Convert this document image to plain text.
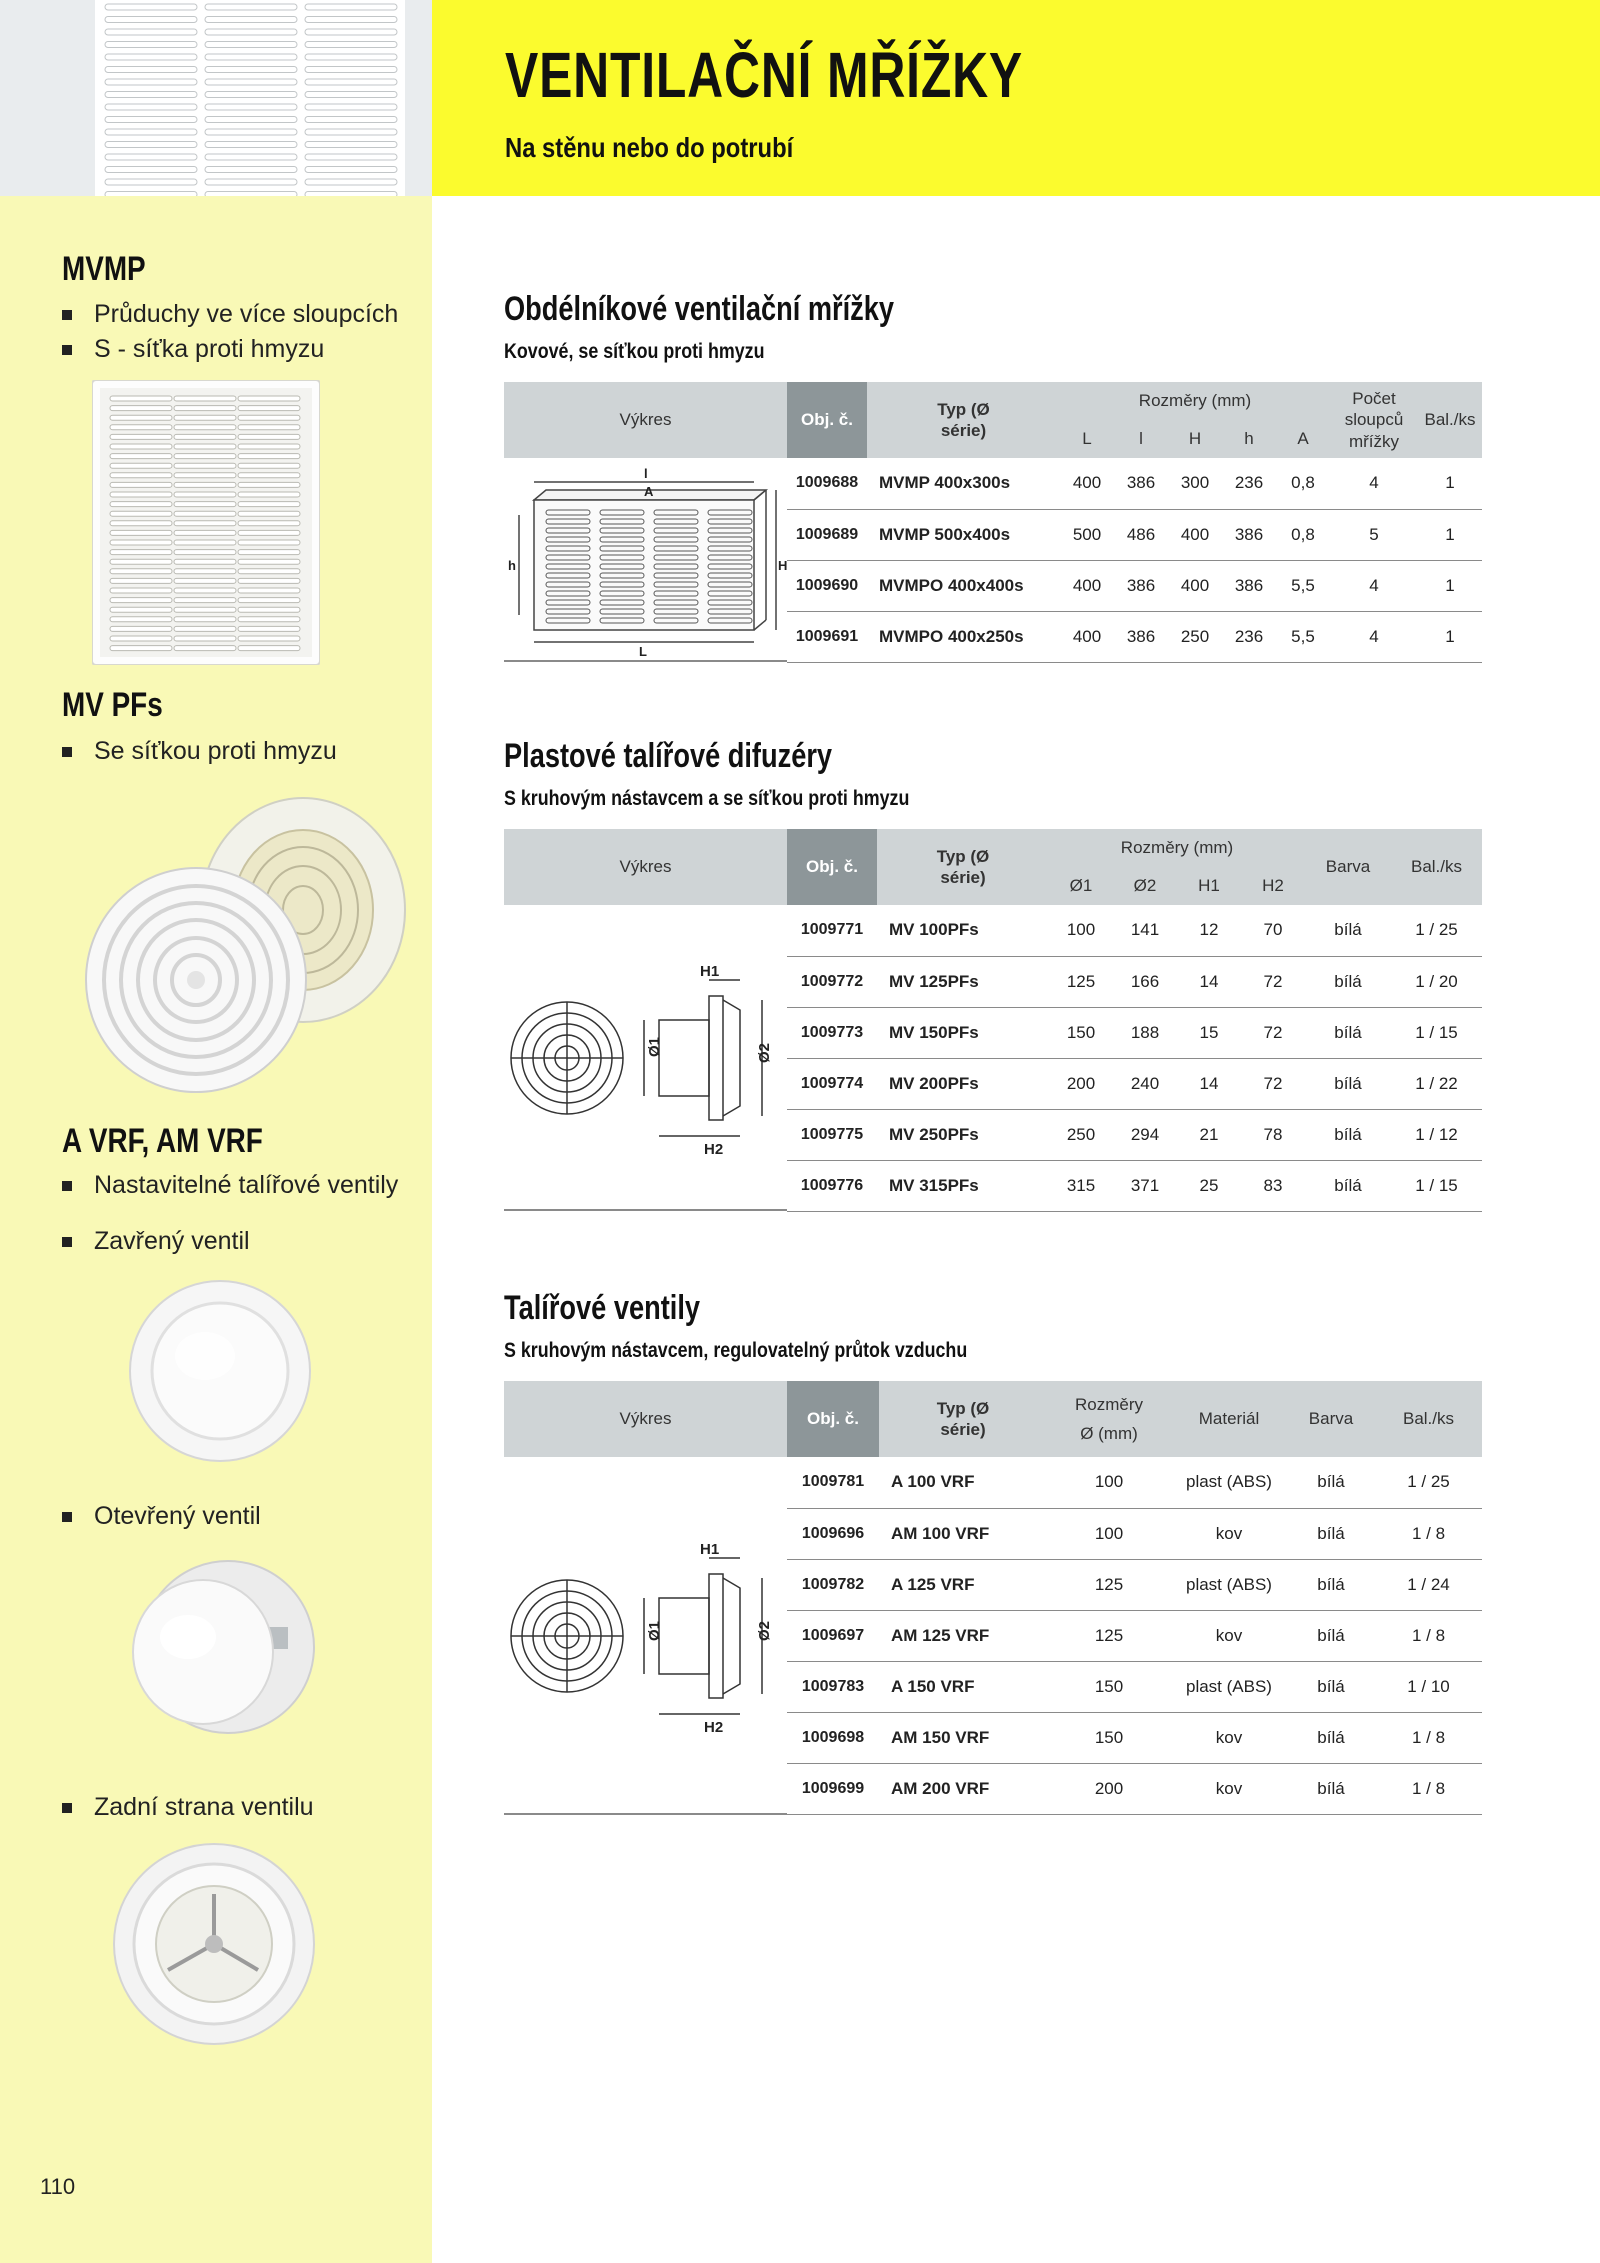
VENTILAČNÍ MŘÍŽKY
Na stěnu nebo do potrubí
MVMP
Průduchy ve více sloupcích
S - síťka proti hmyzu
MV PFs
Se síťkou proti hmyzu
A VRF, AM VRF
Nastavitelné talířové ventily
Zavřený ventil
Otevřený ventil
Zadní strana ventilu
110
Obdélníkové ventilační mřížky
Kovové, se síťkou proti hmyzu
Výkres	Obj. č.	Typ (Ø série)	Rozměry (mm)					Počet sloupců mřížky	Bal./ks
			L	l	H	h	A		

l
A
h H
L	1009688	MVMP 400x300s	400	386	300	236	0,8	4	1
	1009689	MVMP 500x400s	500	486	400	386	0,8	5	1
	1009690	MVMPO 400x400s	400	386	400	386	5,5	4	1
	1009691	MVMPO 400x250s	400	386	250	236	5,5	4	1
Plastové talířové difuzéry
S kruhovým nástavcem a se síťkou proti hmyzu
Výkres	Obj. č.	Typ (Ø série)	Rozměry (mm)				Barva	Bal./ks
			Ø1	Ø2	H1	H2		

H1
Ø1 Ø2
H2	1009771	MV 100PFs	100	141	12	70	bílá	1 / 25
	1009772	MV 125PFs	125	166	14	72	bílá	1 / 20
	1009773	MV 150PFs	150	188	15	72	bílá	1 / 15
	1009774	MV 200PFs	200	240	14	72	bílá	1 / 22
	1009775	MV 250PFs	250	294	21	78	bílá	1 / 12
	1009776	MV 315PFs	315	371	25	83	bílá	1 / 15
Talířové ventily
S kruhovým nástavcem, regulovatelný průtok vzduchu
Výkres	Obj. č.	Typ (Ø série)	Rozměry
Ø (mm)	Materiál	Barva	Bal./ks

H1
Ø1 Ø2
H2	1009781	A 100 VRF	100	plast (ABS)	bílá	1 / 25
	1009696	AM 100 VRF	100	kov	bílá	1 / 8
	1009782	A 125 VRF	125	plast (ABS)	bílá	1 / 24
	1009697	AM 125 VRF	125	kov	bílá	1 / 8
	1009783	A 150 VRF	150	plast (ABS)	bílá	1 / 10
	1009698	AM 150 VRF	150	kov	bílá	1 / 8
	1009699	AM 200 VRF	200	kov	bílá	1 / 8
